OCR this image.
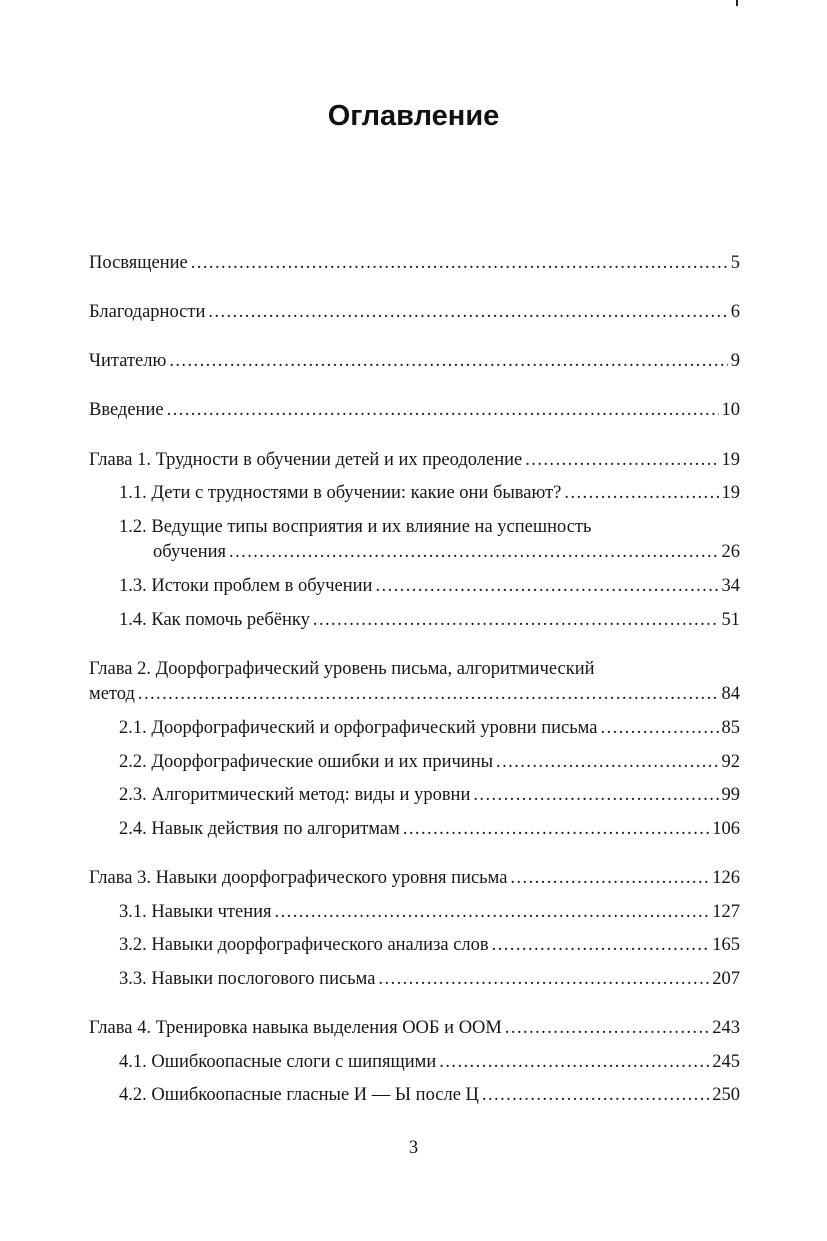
Оглавление
Посвящение . . .	5
Благодарности . . .	6
Читателю . . .	9
Введение . . .	10
Глава 1. Трудности в обучении детей и их преодоление . . .	19
1.1. Дети с трудностями в обучении: какие они бывают? . . .	19
1.2. Ведущие типы восприятия и их влияние на успешность
обучения . . .	26
1.3. Истоки проблем в обучении . . .	34
1.4. Как помочь ребёнку . . .	51
Глава 2. Доорфографический уровень письма, алгоритмический
метод . . .	84
2.1. Доорфографический и орфографический уровни письма . . .	85
2.2. Доорфографические ошибки и их причины . . .	92
2.3. Алгоритмический метод: виды и уровни . . .	99
2.4. Навык действия по алгоритмам . . .	106
Глава 3. Навыки доорфографического уровня письма . . .	126
3.1. Навыки чтения . . .	127
3.2. Навыки доорфографического анализа слов . . .	165
3.3. Навыки послогового письма . . .	207
Глава 4. Тренировка навыка выделения ООБ и ООМ . . .	243
4.1. Ошибкоопасные слоги с шипящими . . .	245
4.2. Ошибкоопасные гласные И — Ы после Ц . . .	250
3
